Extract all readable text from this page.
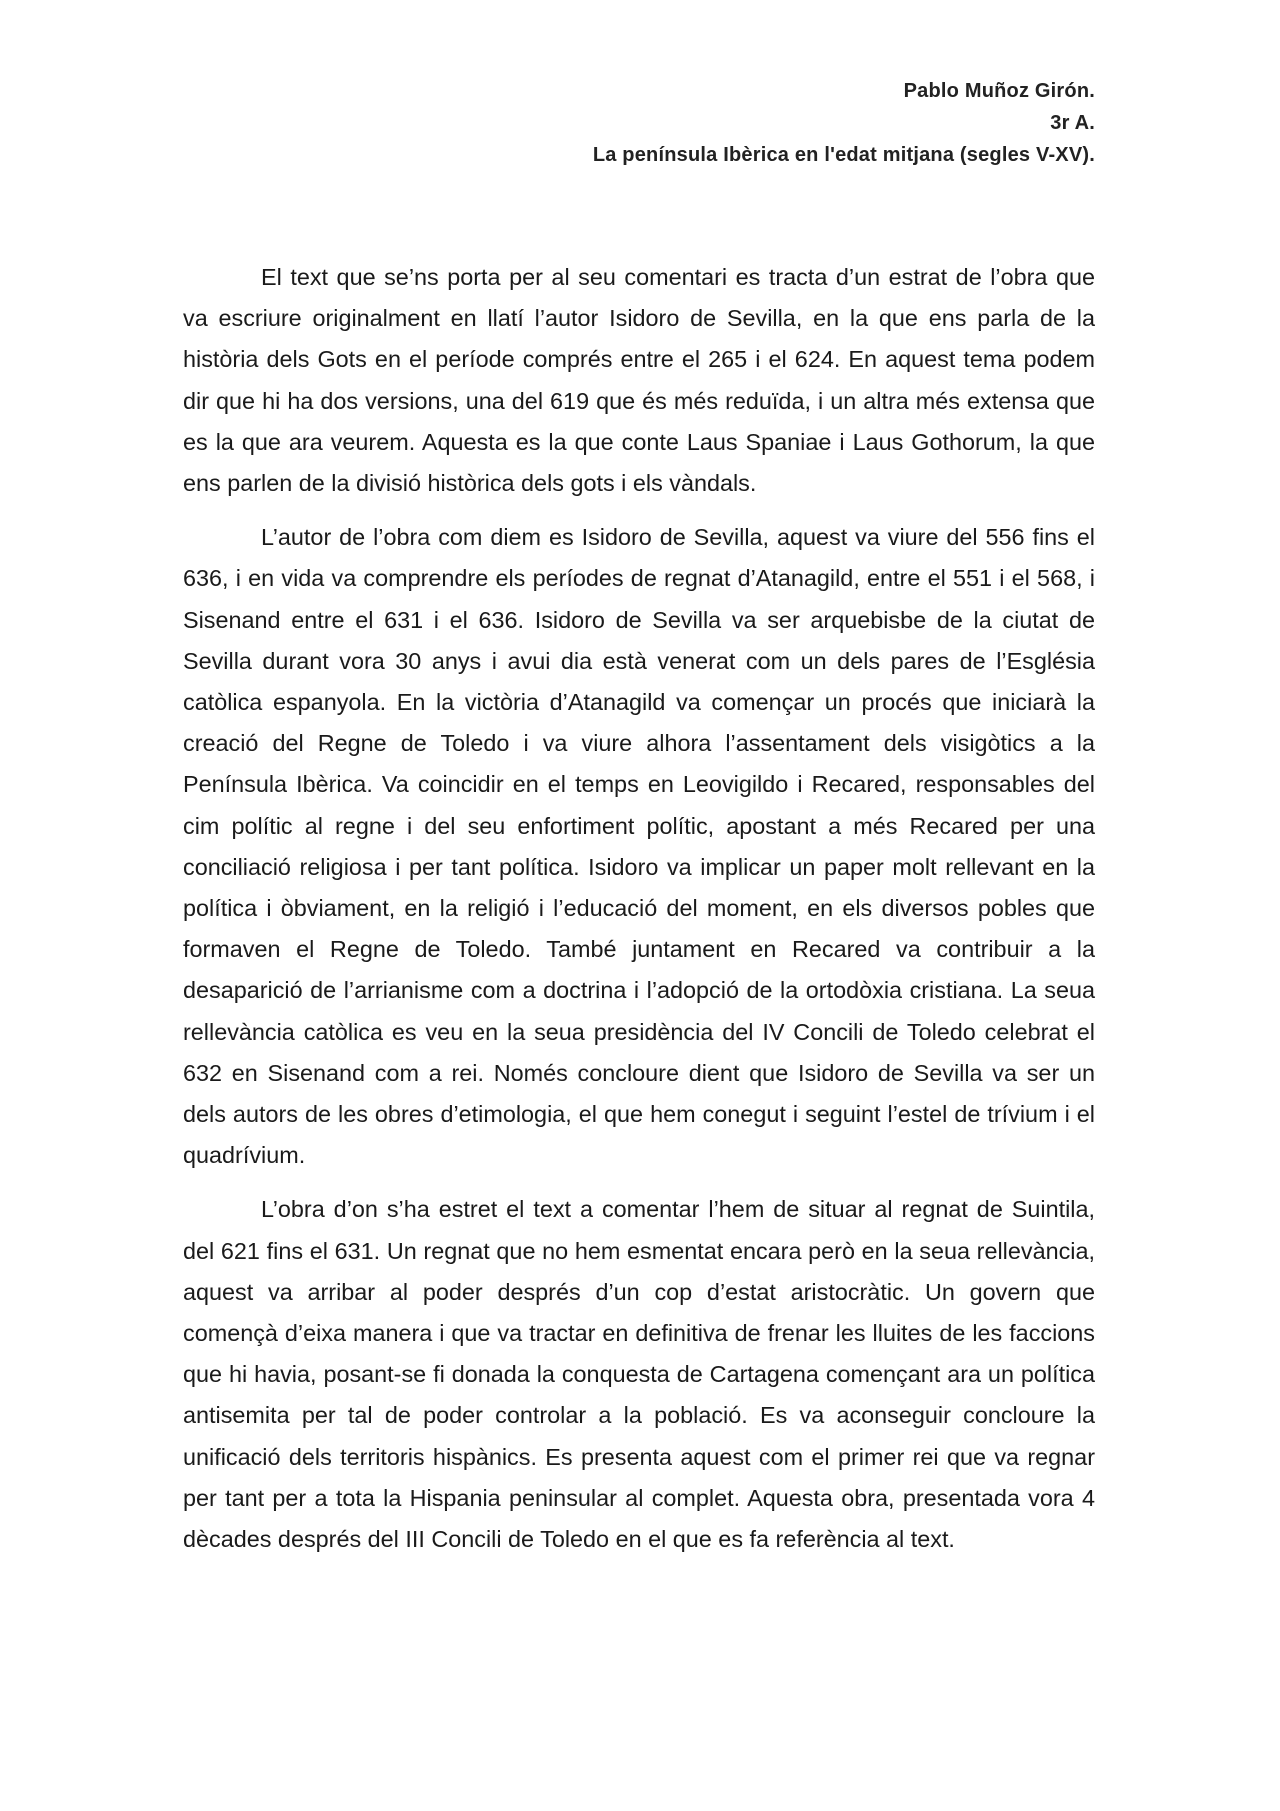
Pablo Muñoz Girón.
3r A.
La península Ibèrica en l'edat mitjana (segles V-XV).

El text que se’ns porta per al seu comentari es tracta d’un estrat de l’obra que va escriure originalment en llatí l’autor Isidoro de Sevilla, en la que ens parla de la història dels Gots en el període comprés entre el 265 i el 624. En aquest tema podem dir que hi ha dos versions, una del 619 que és més reduïda, i un altra més extensa que es la que ara veurem. Aquesta es la que conte Laus Spaniae i Laus Gothorum, la que ens parlen de la divisió històrica dels gots i els vàndals.

L’autor de l’obra com diem es Isidoro de Sevilla, aquest va viure del 556 fins el 636, i en vida va comprendre els períodes de regnat d’Atanagild, entre el 551 i el 568, i Sisenand entre el 631 i el 636. Isidoro de Sevilla va ser arquebisbe de la ciutat de Sevilla durant vora 30 anys i avui dia està venerat com un dels pares de l’Església catòlica espanyola. En la victòria d’Atanagild va començar un procés que iniciarà la creació del Regne de Toledo i va viure alhora l’assentament dels visigòtics a la Península Ibèrica. Va coincidir en el temps en Leovigildo i Recared, responsables del cim polític al regne i del seu enfortiment polític, apostant a més Recared per una conciliació religiosa i per tant política. Isidoro va implicar un paper molt rellevant en la política i òbviament, en la religió i l’educació del moment, en els diversos pobles que formaven el Regne de Toledo. També juntament en Recared va contribuir a la desaparició de l’arrianisme com a doctrina i l’adopció de la ortodòxia cristiana. La seua rellevància catòlica es veu en la seua presidència del IV Concili de Toledo celebrat el 632 en Sisenand com a rei. Només concloure dient que Isidoro de Sevilla va ser un dels autors de les obres d’etimologia, el que hem conegut i seguint l’estel de trívium i el quadrívium.

L’obra d’on s’ha estret el text a comentar l’hem de situar al regnat de Suintila, del 621 fins el 631. Un regnat que no hem esmentat encara però en la seua rellevància, aquest va arribar al poder després d’un cop d’estat aristocràtic. Un govern que començà d’eixa manera i que va tractar en definitiva de frenar les lluites de les faccions que hi havia, posant-se fi donada la conquesta de Cartagena començant ara un política antisemita per tal de poder controlar a la població. Es va aconseguir concloure la unificació dels territoris hispànics. Es presenta aquest com el primer rei que va regnar per tant per a tota la Hispania peninsular al complet. Aquesta obra, presentada vora 4 dècades després del III Concili de Toledo en el que es fa referència al text.
